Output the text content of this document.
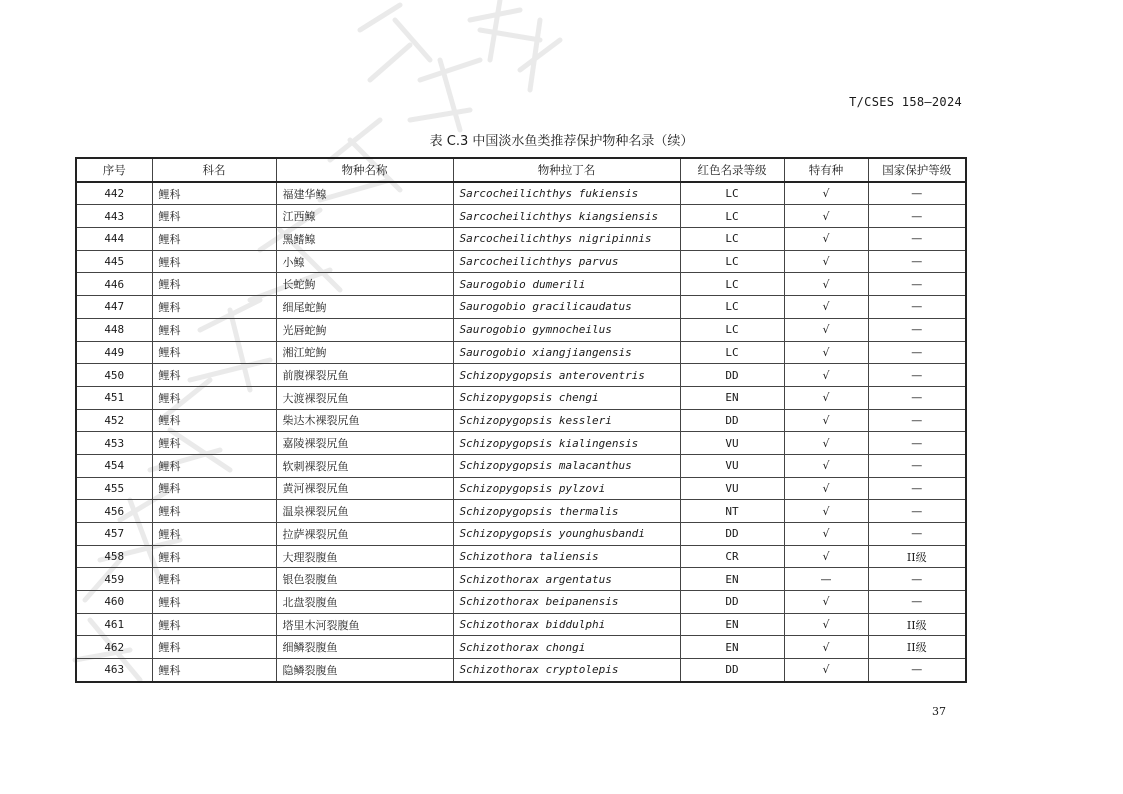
T/CSES 158—2024
表 C.3 中国淡水鱼类推荐保护物种名录（续）
序号	科名	物种名称	物种拉丁名	红色名录等级	特有种	国家保护等级
442	鲤科	福建华鳈	Sarcocheilichthys fukiensis	LC	√	—
443	鲤科	江西鳈	Sarcocheilichthys kiangsiensis	LC	√	—
444	鲤科	黑鳍鳈	Sarcocheilichthys nigripinnis	LC	√	—
445	鲤科	小鳈	Sarcocheilichthys parvus	LC	√	—
446	鲤科	长蛇鮈	Saurogobio dumerili	LC	√	—
447	鲤科	细尾蛇鮈	Saurogobio gracilicaudatus	LC	√	—
448	鲤科	光唇蛇鮈	Saurogobio gymnocheilus	LC	√	—
449	鲤科	湘江蛇鮈	Saurogobio xiangjiangensis	LC	√	—
450	鲤科	前腹裸裂尻鱼	Schizopygopsis anteroventris	DD	√	—
451	鲤科	大渡裸裂尻鱼	Schizopygopsis chengi	EN	√	—
452	鲤科	柴达木裸裂尻鱼	Schizopygopsis kessleri	DD	√	—
453	鲤科	嘉陵裸裂尻鱼	Schizopygopsis kialingensis	VU	√	—
454	鲤科	软刺裸裂尻鱼	Schizopygopsis malacanthus	VU	√	—
455	鲤科	黄河裸裂尻鱼	Schizopygopsis pylzovi	VU	√	—
456	鲤科	温泉裸裂尻鱼	Schizopygopsis thermalis	NT	√	—
457	鲤科	拉萨裸裂尻鱼	Schizopygopsis younghusbandi	DD	√	—
458	鲤科	大理裂腹鱼	Schizothora taliensis	CR	√	II级
459	鲤科	银色裂腹鱼	Schizothorax argentatus	EN	—	—
460	鲤科	北盘裂腹鱼	Schizothorax beipanensis	DD	√	—
461	鲤科	塔里木河裂腹鱼	Schizothorax biddulphi	EN	√	II级
462	鲤科	细鳞裂腹鱼	Schizothorax chongi	EN	√	II级
463	鲤科	隐鳞裂腹鱼	Schizothorax cryptolepis	DD	√	—
37
